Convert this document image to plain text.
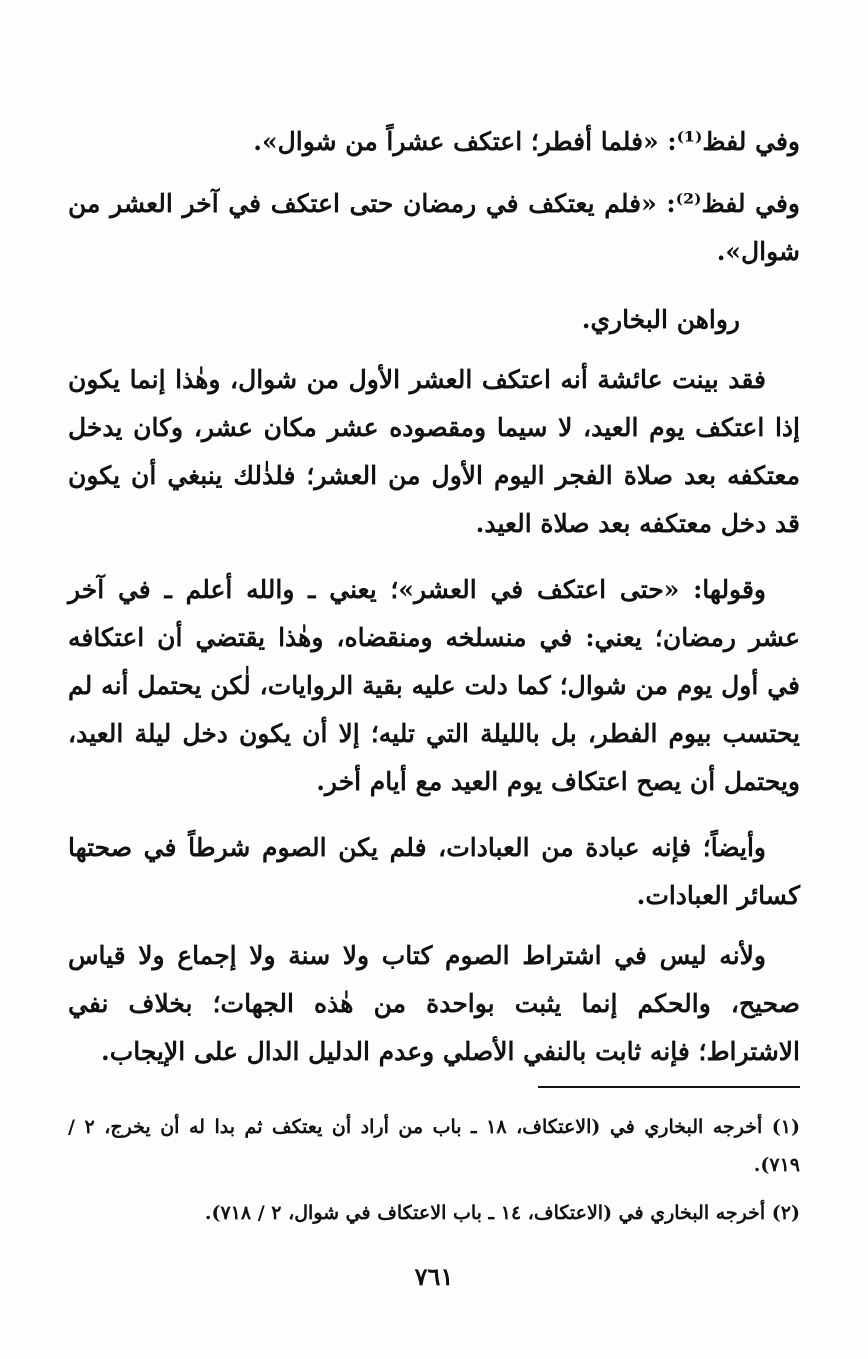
وفي لفظ⁽¹⁾: «فلما أفطر؛ اعتكف عشراً من شوال».

وفي لفظ⁽²⁾: «فلم يعتكف في رمضان حتى اعتكف في آخر العشر من شوال».

رواهن البخاري.

فقد بينت عائشة أنه اعتكف العشر الأول من شوال، وهٰذا إنما يكون إذا اعتكف يوم العيد، لا سيما ومقصوده عشر مكان عشر، وكان يدخل معتكفه بعد صلاة الفجر اليوم الأول من العشر؛ فلذٰلك ينبغي أن يكون قد دخل معتكفه بعد صلاة العيد.

وقولها: «حتى اعتكف في العشر»؛ يعني ـ والله أعلم ـ في آخر عشر رمضان؛ يعني: في منسلخه ومنقضاه، وهٰذا يقتضي أن اعتكافه في أول يوم من شوال؛ كما دلت عليه بقية الروايات، لٰكن يحتمل أنه لم يحتسب بيوم الفطر، بل بالليلة التي تليه؛ إلا أن يكون دخل ليلة العيد، ويحتمل أن يصح اعتكاف يوم العيد مع أيام أخر.

وأيضاً؛ فإنه عبادة من العبادات، فلم يكن الصوم شرطاً في صحتها كسائر العبادات.

ولأنه ليس في اشتراط الصوم كتاب ولا سنة ولا إجماع ولا قياس صحيح، والحكم إنما يثبت بواحدة من هٰذه الجهات؛ بخلاف نفي الاشتراط؛ فإنه ثابت بالنفي الأصلي وعدم الدليل الدال على الإيجاب.

(١) أخرجه البخاري في (الاعتكاف، ١٨ ـ باب من أراد أن يعتكف ثم بدا له أن يخرج، ٢ / ٧١٩).

(٢) أخرجه البخاري في (الاعتكاف، ١٤ ـ باب الاعتكاف في شوال، ٢ / ٧١٨).

٧٦١
